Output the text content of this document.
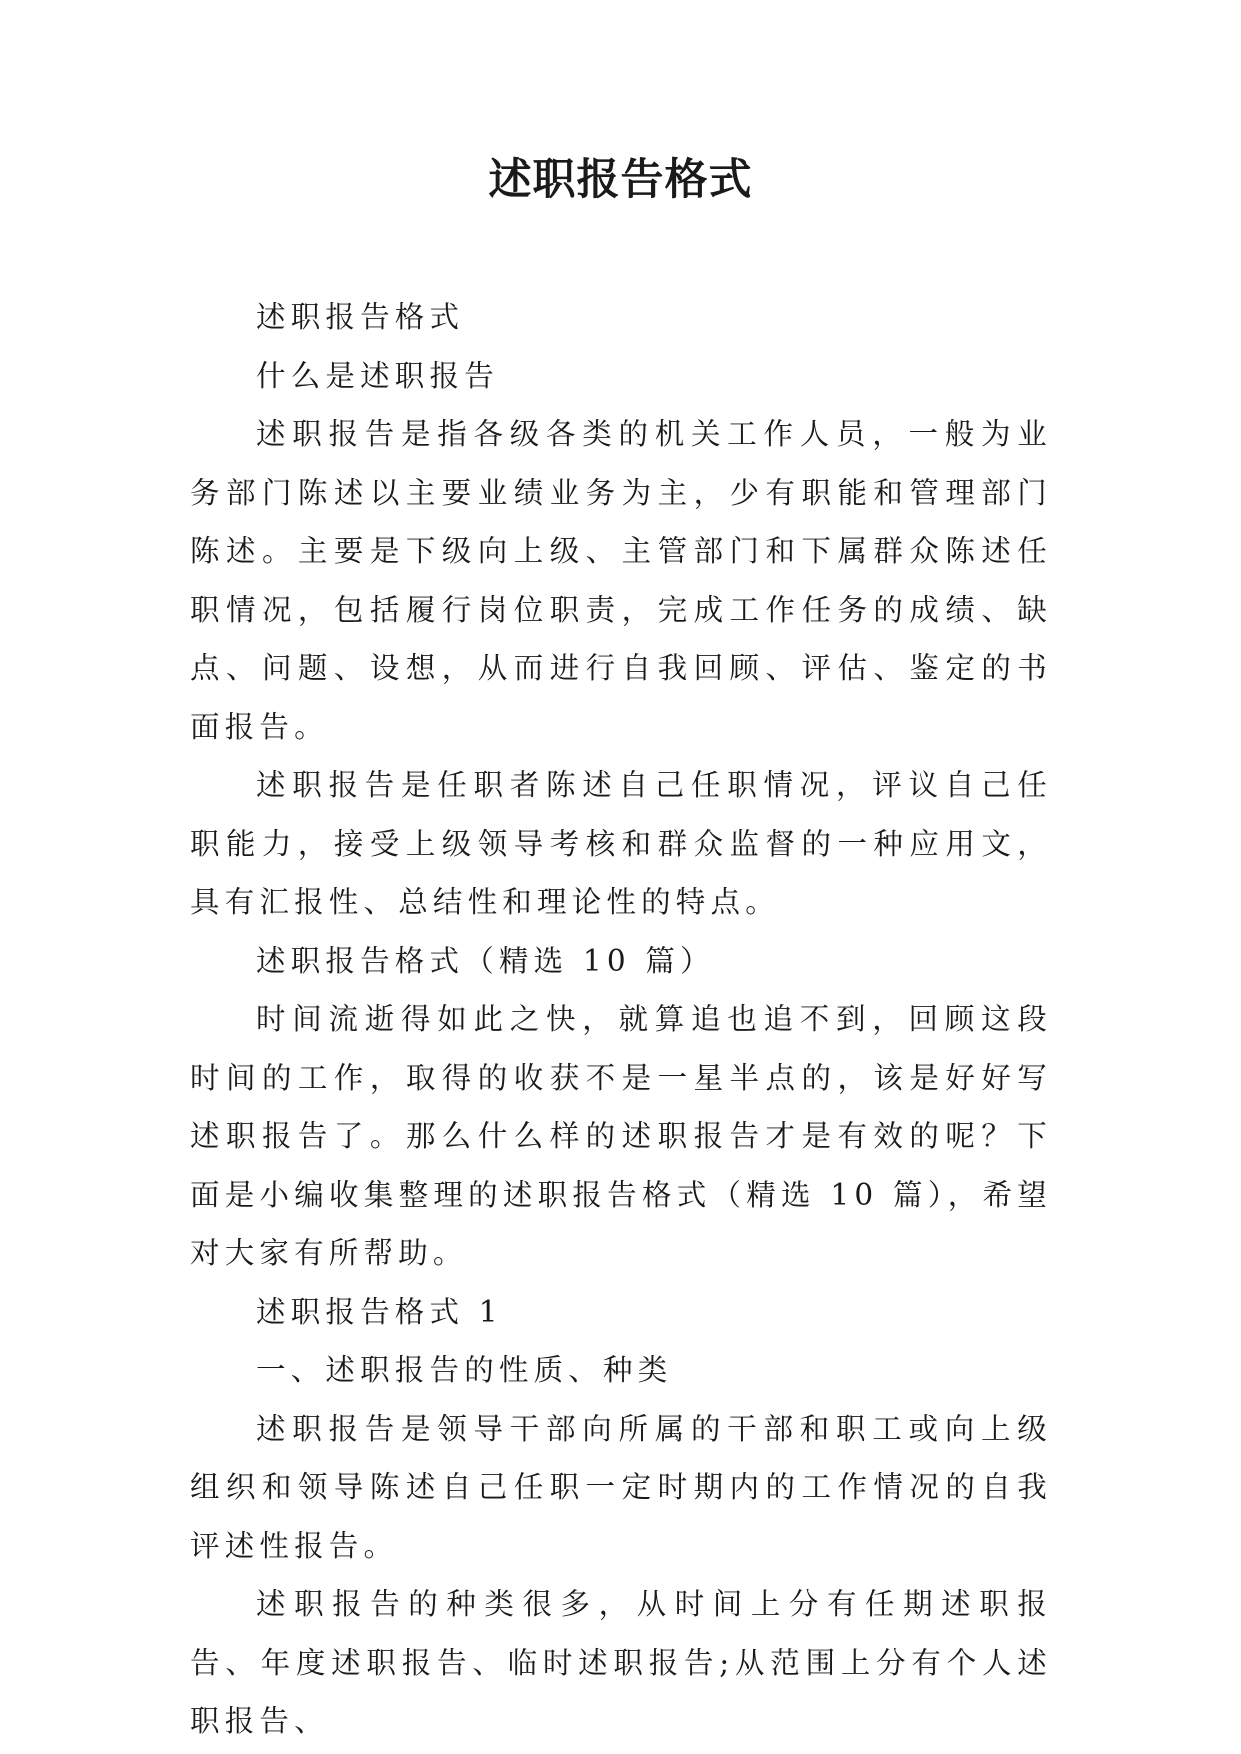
述职报告格式

述职报告格式

什么是述职报告

述职报告是指各级各类的机关工作人员，一般为业务部门陈述以主要业绩业务为主，少有职能和管理部门陈述。主要是下级向上级、主管部门和下属群众陈述任职情况，包括履行岗位职责，完成工作任务的成绩、缺点、问题、设想，从而进行自我回顾、评估、鉴定的书面报告。

述职报告是任职者陈述自己任职情况，评议自己任职能力，接受上级领导考核和群众监督的一种应用文，具有汇报性、总结性和理论性的特点。

述职报告格式（精选 10 篇）

时间流逝得如此之快，就算追也追不到，回顾这段时间的工作，取得的收获不是一星半点的，该是好好写述职报告了。那么什么样的述职报告才是有效的呢？下面是小编收集整理的述职报告格式（精选 10 篇），希望对大家有所帮助。

述职报告格式 1

一、述职报告的性质、种类

述职报告是领导干部向所属的干部和职工或向上级组织和领导陈述自己任职一定时期内的工作情况的自我评述性报告。

述职报告的种类很多，从时间上分有任期述职报告、年度述职报告、临时述职报告;从范围上分有个人述职报告、
